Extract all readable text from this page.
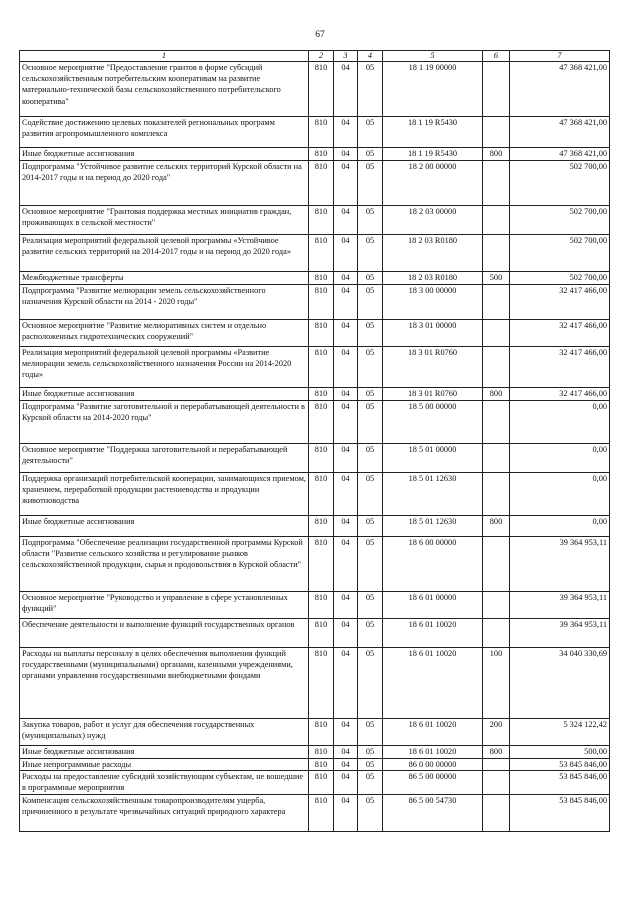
67
1	2	3	4	5	6	7
Основное мероприятие "Предоставление грантов в форме субсидий сельскохозяйственным потребительским кооперативам на развитие материально-технической базы сельскохозяйственного потребительского кооператива"	810	04	05	18 1 19 00000		47 368 421,00
Содействие достижению целевых показателей региональных программ развития агропромышленного комплекса	810	04	05	18 1 19 R5430		47 368 421,00
Иные бюджетные ассигнования	810	04	05	18 1 19 R5430	800	47 368 421,00
Подпрограмма "Устойчивое развитие сельских территорий Курской области на 2014-2017 годы и на период до 2020 года"	810	04	05	18 2 00 00000		502 700,00
Основное мероприятие "Грантовая поддержка местных инициатив граждан, проживающих в сельской местности"	810	04	05	18 2 03 00000		502 700,00
Реализация мероприятий федеральной целевой программы «Устойчивое развитие сельских территорий на 2014-2017 годы и на период до 2020 года»	810	04	05	18 2 03 R0180		502 700,00
Межбюджетные трансферты	810	04	05	18 2 03 R0180	500	502 700,00
Подпрограмма "Развитие мелиорации земель сельскохозяйственного назначения Курской области на 2014 - 2020 годы"	810	04	05	18 3 00 00000		32 417 466,00
Основное мероприятие "Развитие мелиоративных систем и отдельно расположенных гидротехнических сооружений"	810	04	05	18 3 01 00000		32 417 466,00
Реализация мероприятий федеральной целевой программы «Развитие мелиорации земель сельскохозяйственного назначения России на 2014-2020 годы»	810	04	05	18 3 01 R0760		32 417 466,00
Иные бюджетные ассигнования	810	04	05	18 3 01 R0760	800	32 417 466,00
Подпрограмма "Развитие заготовительной и перерабатывающей деятельности в Курской области на 2014-2020 годы"	810	04	05	18 5 00 00000		0,00
Основное мероприятие "Поддержка заготовительной и перерабатывающей деятельности"	810	04	05	18 5 01 00000		0,00
Поддержка организаций потребительской кооперации, занимающихся приемом, хранением, переработкой продукции растениеводства и продукции животноводства	810	04	05	18 5 01 12630		0,00
Иные бюджетные ассигнования	810	04	05	18 5 01 12630	800	0,00
Подпрограмма "Обеспечение реализации государственной программы Курской области "Развитие сельского хозяйства и регулирование рынков сельскохозяйственной продукции, сырья и продовольствия в Курской области"	810	04	05	18 6 00 00000		39 364 953,11
Основное мероприятие "Руководство и управление в сфере установленных функций"	810	04	05	18 6 01 00000		39 364 953,11
Обеспечение деятельности и выполнение функций государственных органов	810	04	05	18 6 01 10020		39 364 953,11
Расходы на выплаты персоналу в целях обеспечения выполнения функций государственными (муниципальными) органами, казенными учреждениями, органами управления государственными внебюджетными фондами	810	04	05	18 6 01 10020	100	34 040 330,69
Закупка товаров, работ и услуг для обеспечения государственных (муниципальных) нужд	810	04	05	18 6 01 10020	200	5 324 122,42
Иные бюджетные ассигнования	810	04	05	18 6 01 10020	800	500,00
Иные непрограммные расходы	810	04	05	86 0 00 00000		53 845 846,00
Расходы на предоставление субсидий хозяйствующим субъектам, не вошедшие в программные мероприятия	810	04	05	86 5 00 00000		53 845 846,00
Компенсация сельскохозяйственным товаропроизводителям ущерба, причиненного в результате чрезвычайных ситуаций природного характера	810	04	05	86 5 00 54730		53 845 846,00
